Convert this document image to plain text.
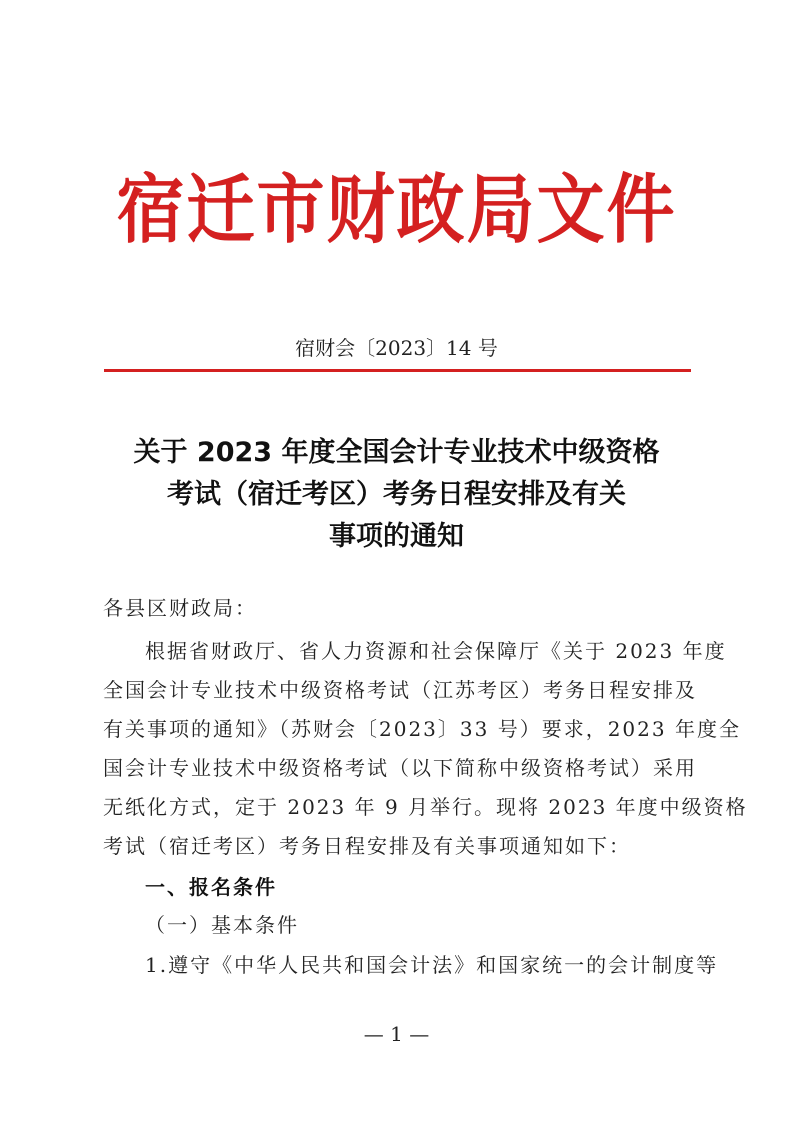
宿迁市财政局文件
宿财会〔2023〕14 号
关于 2023 年度全国会计专业技术中级资格
考试（宿迁考区）考务日程安排及有关
事项的通知
各县区财政局：
根据省财政厅、省人力资源和社会保障厅《关于 2023 年度
全国会计专业技术中级资格考试（江苏考区）考务日程安排及
有关事项的通知》（苏财会〔2023〕33 号）要求，2023 年度全
国会计专业技术中级资格考试（以下简称中级资格考试）采用
无纸化方式，定于 2023 年 9 月举行。现将 2023 年度中级资格
考试（宿迁考区）考务日程安排及有关事项通知如下：
一、报名条件
（一）基本条件
1.遵守《中华人民共和国会计法》和国家统一的会计制度等
— 1 —
